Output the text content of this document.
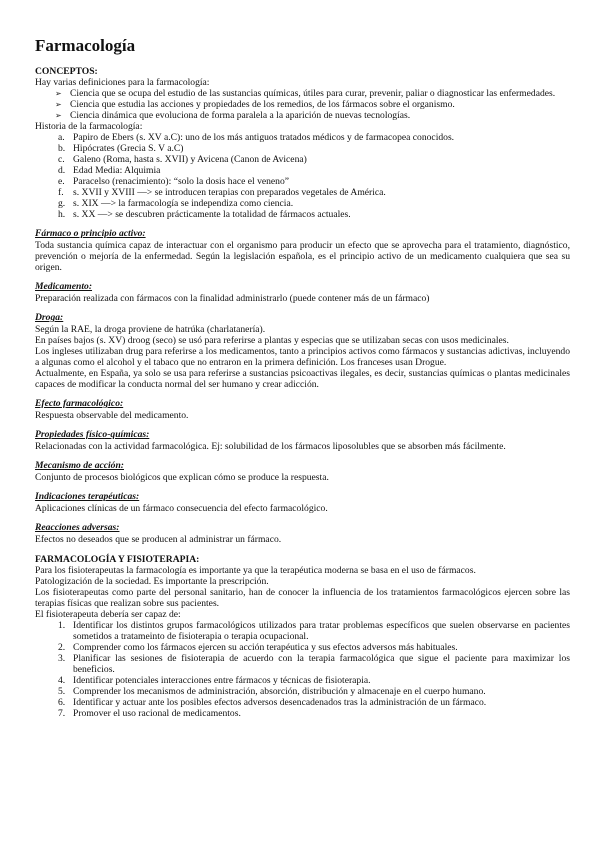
Farmacología

CONCEPTOS:

Hay varias definiciones para la farmacología:

➢ Ciencia que se ocupa del estudio de las sustancias químicas, útiles para curar, prevenir, paliar o diagnosticar las enfermedades.
➢ Ciencia que estudia las acciones y propiedades de los remedios, de los fármacos sobre el organismo.
➢ Ciencia dinámica que evoluciona de forma paralela a la aparición de nuevas tecnologías.

Historia de la farmacología:

a. Papiro de Ebers (s. XV a.C): uno de los más antiguos tratados médicos y de farmacopea conocidos.
b. Hipócrates (Grecia S. V a.C)
c. Galeno (Roma, hasta s. XVII) y Avicena (Canon de Avicena)
d. Edad Media: Alquimia
e. Paracelso (renacimiento): “solo la dosis hace el veneno”
f. s. XVII y XVIII —> se introducen terapias con preparados vegetales de América.
g. s. XIX —> la farmacología se independiza como ciencia.
h. s. XX —> se descubren prácticamente la totalidad de fármacos actuales.

Fármaco o principio activo:

Toda sustancia química capaz de interactuar con el organismo para producir un efecto que se aprovecha para el tratamiento, diagnóstico, prevención o mejoría de la enfermedad. Según la legislación española, es el principio activo de un medicamento cualquiera que sea su origen.

Medicamento:

Preparación realizada con fármacos con la finalidad administrarlo (puede contener más de un fármaco)

Droga:

Según la RAE, la droga proviene de hatrúka (charlatanería).

En países bajos (s. XV) droog (seco) se usó para referirse a plantas y especias que se utilizaban secas con usos medicinales.

Los ingleses utilizaban drug para referirse a los medicamentos, tanto a principios activos como fármacos y sustancias adictivas, incluyendo a algunas como el alcohol y el tabaco que no entraron en la primera definición. Los franceses usan Drogue.

Actualmente, en España, ya solo se usa para referirse a sustancias psicoactivas ilegales, es decir, sustancias químicas o plantas medicinales capaces de modificar la conducta normal del ser humano y crear adicción.

Efecto farmacológico:

Respuesta observable del medicamento.

Propiedades físico-químicas:

Relacionadas con la actividad farmacológica. Ej: solubilidad de los fármacos liposolubles que se absorben más fácilmente.

Mecanismo de acción:

Conjunto de procesos biológicos que explican cómo se produce la respuesta.

Indicaciones terapéuticas:

Aplicaciones clínicas de un fármaco consecuencia del efecto farmacológico.

Reacciones adversas:

Efectos no deseados que se producen al administrar un fármaco.

FARMACOLOGÍA Y FISIOTERAPIA:

Para los fisioterapeutas la farmacología es importante ya que la terapéutica moderna se basa en el uso de fármacos.

Patologización de la sociedad. Es importante la prescripción.

Los fisioterapeutas como parte del personal sanitario, han de conocer la influencia de los tratamientos farmacológicos ejercen sobre las terapias físicas que realizan sobre sus pacientes.

El fisioterapeuta debería ser capaz de:

1. Identificar los distintos grupos farmacológicos utilizados para tratar problemas específicos que suelen observarse en pacientes sometidos a tratameinto de fisioterapia o terapia ocupacional.
2. Comprender como los fármacos ejercen su acción terapéutica y sus efectos adversos más habituales.
3. Planificar las sesiones de fisioterapia de acuerdo con la terapia farmacológica que sigue el paciente para maximizar los beneficios.
4. Identificar potenciales interacciones entre fármacos y técnicas de fisioterapia.
5. Comprender los mecanismos de administración, absorción, distribución y almacenaje en el cuerpo humano.
6. Identificar y actuar ante los posibles efectos adversos desencadenados tras la administración de un fármaco.
7. Promover el uso racional de medicamentos.
